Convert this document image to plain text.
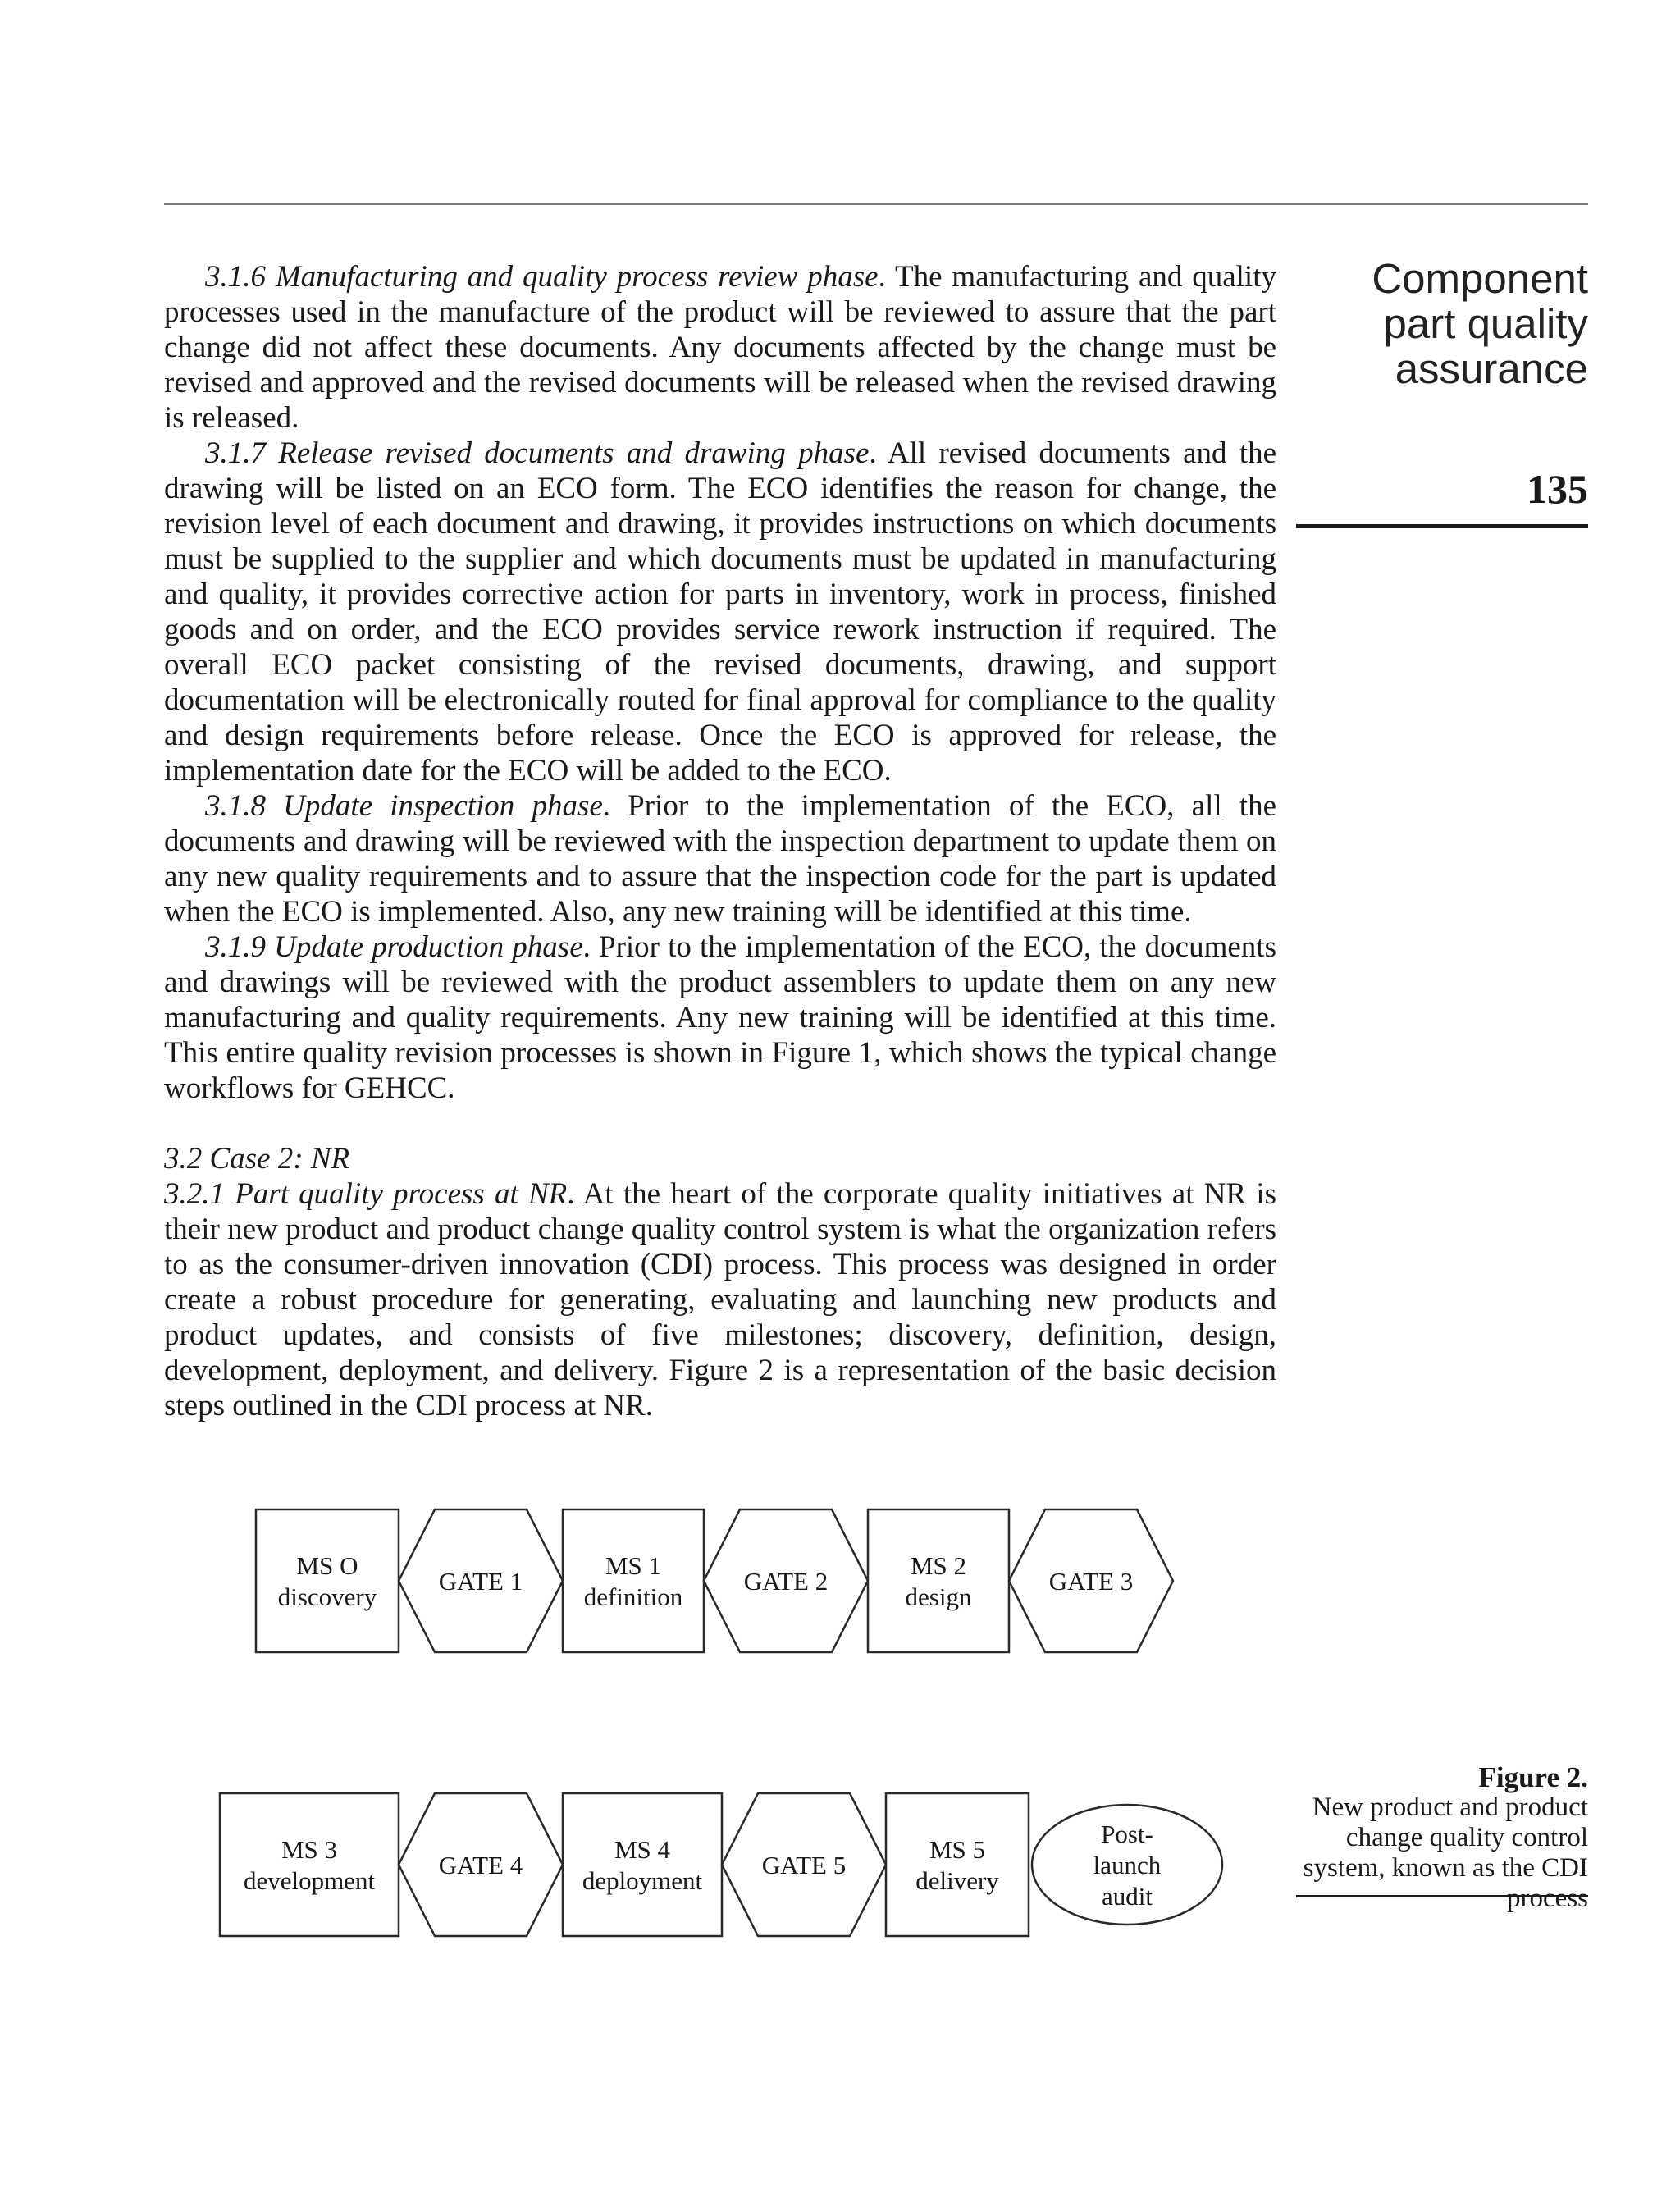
3.1.6 Manufacturing and quality process review phase. The manufacturing and quality processes used in the manufacture of the product will be reviewed to assure that the part change did not affect these documents. Any documents affected by the change must be revised and approved and the revised documents will be released when the revised drawing is released.

3.1.7 Release revised documents and drawing phase. All revised documents and the drawing will be listed on an ECO form. The ECO identifies the reason for change, the revision level of each document and drawing, it provides instructions on which documents must be supplied to the supplier and which documents must be updated in manufacturing and quality, it provides corrective action for parts in inventory, work in process, finished goods and on order, and the ECO provides service rework instruction if required. The overall ECO packet consisting of the revised documents, drawing, and support documentation will be electronically routed for final approval for compliance to the quality and design requirements before release. Once the ECO is approved for release, the implementation date for the ECO will be added to the ECO.

3.1.8 Update inspection phase. Prior to the implementation of the ECO, all the documents and drawing will be reviewed with the inspection department to update them on any new quality requirements and to assure that the inspection code for the part is updated when the ECO is implemented. Also, any new training will be identified at this time.

3.1.9 Update production phase. Prior to the implementation of the ECO, the documents and drawings will be reviewed with the product assemblers to update them on any new manufacturing and quality requirements. Any new training will be identified at this time. This entire quality revision processes is shown in Figure 1, which shows the typical change workflows for GEHCC.

3.2 Case 2: NR

3.2.1 Part quality process at NR. At the heart of the corporate quality initiatives at NR is their new product and product change quality control system is what the organization refers to as the consumer-driven innovation (CDI) process. This process was designed in order create a robust procedure for generating, evaluating and launching new products and product updates, and consists of five milestones; discovery, definition, design, development, deployment, and delivery. Figure 2 is a representation of the basic decision steps outlined in the CDI process at NR.

Component
part quality
assurance
135
MS O
discovery
GATE 1
MS 1
definition
GATE 2
MS 2
design
GATE 3
MS 3
development
GATE 4
MS 4
deployment
GATE 5
MS 5
delivery
Post-
launch
audit
Figure 2.
New product and product change quality control system, known as the CDI process
